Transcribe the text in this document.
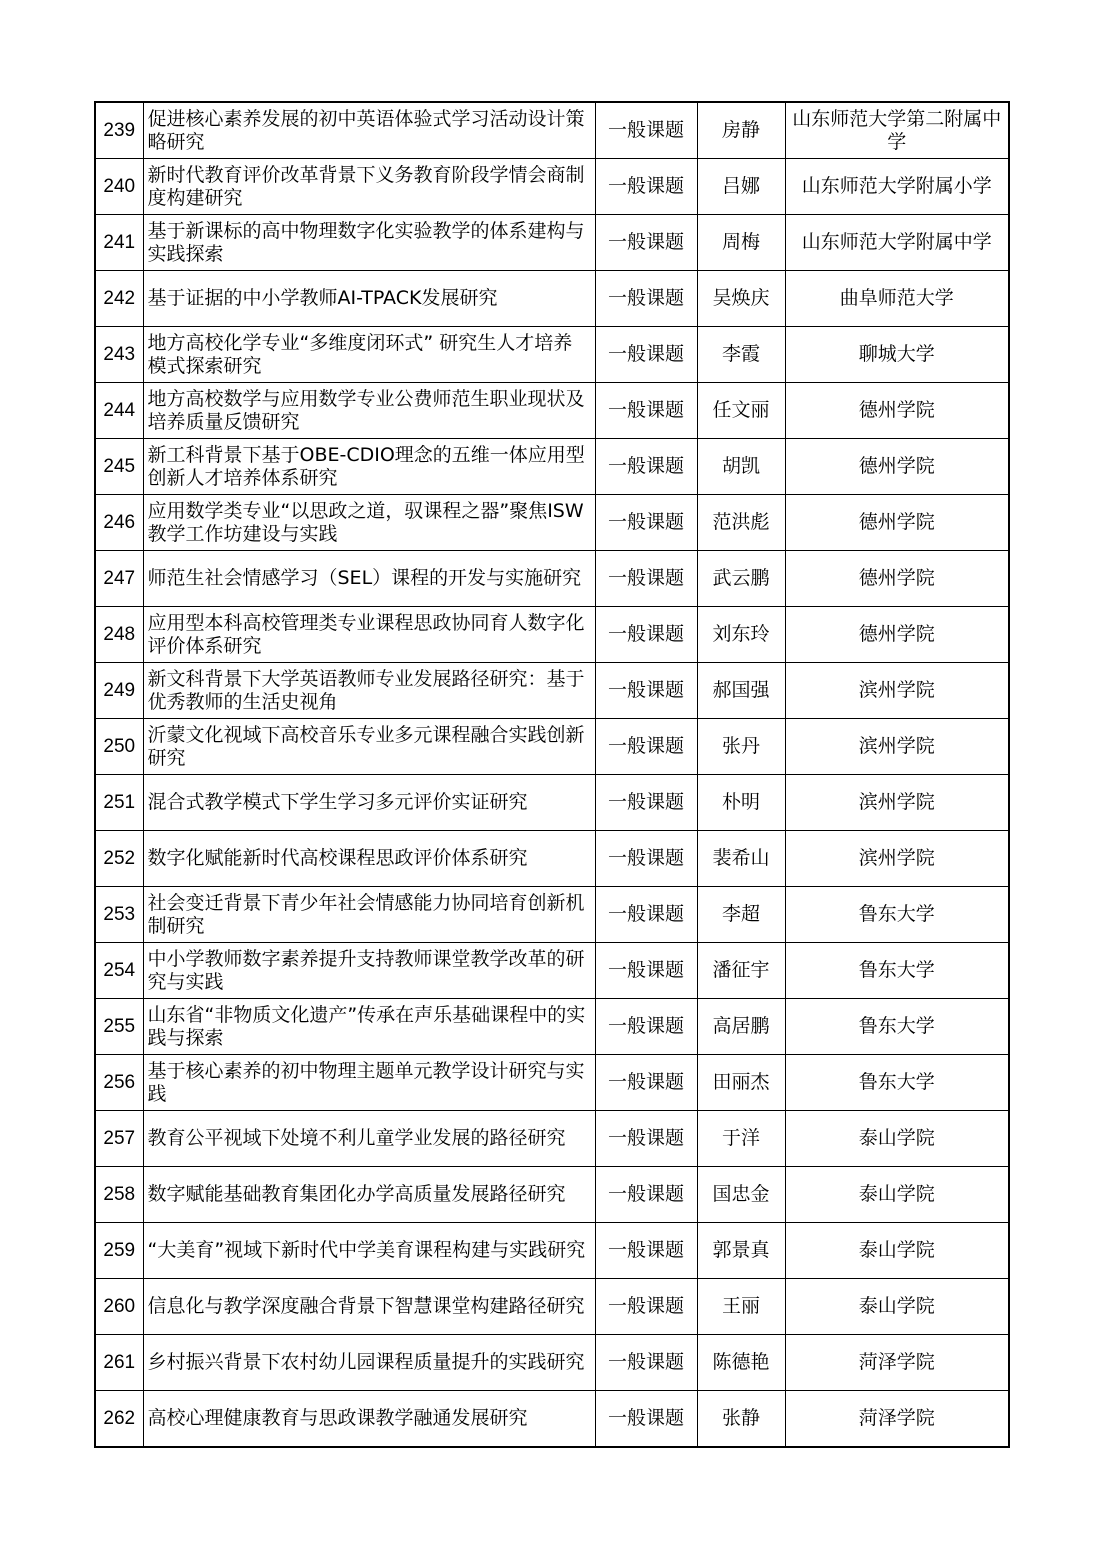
239	促进核心素养发展的初中英语体验式学习活动设计策略研究	一般课题	房静	山东师范大学第二附属中学
240	新时代教育评价改革背景下义务教育阶段学情会商制度构建研究	一般课题	吕娜	山东师范大学附属小学
241	基于新课标的高中物理数字化实验教学的体系建构与实践探索	一般课题	周梅	山东师范大学附属中学
242	基于证据的中小学教师AI-TPACK发展研究	一般课题	吴焕庆	曲阜师范大学
243	地方高校化学专业“多维度闭环式” 研究生人才培养模式探索研究	一般课题	李霞	聊城大学
244	地方高校数学与应用数学专业公费师范生职业现状及培养质量反馈研究	一般课题	任文丽	德州学院
245	新工科背景下基于OBE-CDIO理念的五维一体应用型创新人才培养体系研究	一般课题	胡凯	德州学院
246	应用数学类专业“以思政之道，驭课程之器”聚焦ISW教学工作坊建设与实践	一般课题	范洪彪	德州学院
247	师范生社会情感学习（SEL）课程的开发与实施研究	一般课题	武云鹏	德州学院
248	应用型本科高校管理类专业课程思政协同育人数字化评价体系研究	一般课题	刘东玲	德州学院
249	新文科背景下大学英语教师专业发展路径研究：基于优秀教师的生活史视角	一般课题	郝国强	滨州学院
250	沂蒙文化视域下高校音乐专业多元课程融合实践创新研究	一般课题	张丹	滨州学院
251	混合式教学模式下学生学习多元评价实证研究	一般课题	朴明	滨州学院
252	数字化赋能新时代高校课程思政评价体系研究	一般课题	裴希山	滨州学院
253	社会变迁背景下青少年社会情感能力协同培育创新机制研究	一般课题	李超	鲁东大学
254	中小学教师数字素养提升支持教师课堂教学改革的研究与实践	一般课题	潘征宇	鲁东大学
255	山东省“非物质文化遗产”传承在声乐基础课程中的实践与探索	一般课题	高居鹏	鲁东大学
256	基于核心素养的初中物理主题单元教学设计研究与实践	一般课题	田丽杰	鲁东大学
257	教育公平视域下处境不利儿童学业发展的路径研究	一般课题	于洋	泰山学院
258	数字赋能基础教育集团化办学高质量发展路径研究	一般课题	国忠金	泰山学院
259	“大美育”视域下新时代中学美育课程构建与实践研究	一般课题	郭景真	泰山学院
260	信息化与教学深度融合背景下智慧课堂构建路径研究	一般课题	王丽	泰山学院
261	乡村振兴背景下农村幼儿园课程质量提升的实践研究	一般课题	陈德艳	菏泽学院
262	高校心理健康教育与思政课教学融通发展研究	一般课题	张静	菏泽学院
